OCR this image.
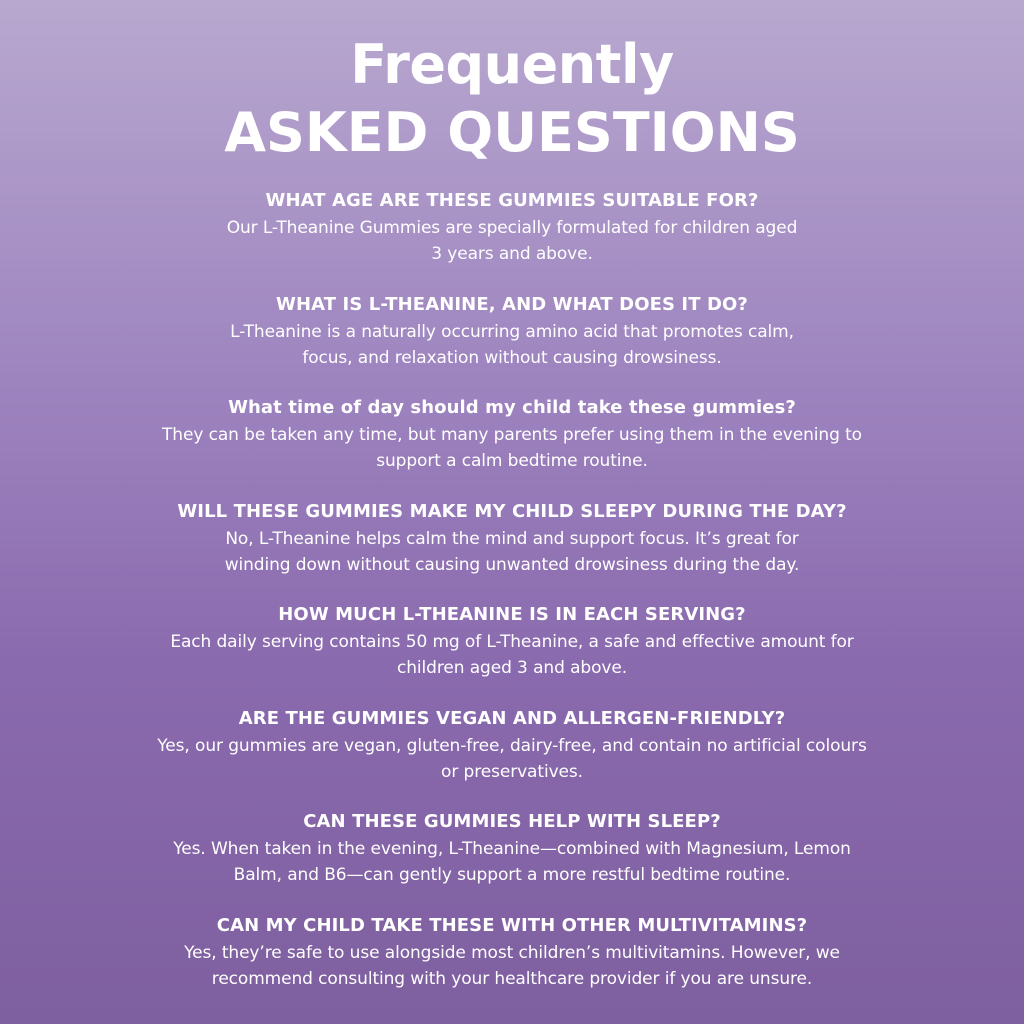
Frequently
ASKED QUESTIONS

WHAT AGE ARE THESE GUMMIES SUITABLE FOR?

Our L-Theanine Gummies are specially formulated for children aged

3 years and above.

WHAT IS L-THEANINE, AND WHAT DOES IT DO?

L-Theanine is a naturally occurring amino acid that promotes calm,

focus, and relaxation without causing drowsiness.

What time of day should my child take these gummies?

They can be taken any time, but many parents prefer using them in the evening to

support a calm bedtime routine.

WILL THESE GUMMIES MAKE MY CHILD SLEEPY DURING THE DAY?

No, L-Theanine helps calm the mind and support focus. It’s great for

winding down without causing unwanted drowsiness during the day.

HOW MUCH L-THEANINE IS IN EACH SERVING?

Each daily serving contains 50 mg of L-Theanine, a safe and effective amount for

children aged 3 and above.

ARE THE GUMMIES VEGAN AND ALLERGEN-FRIENDLY?

Yes, our gummies are vegan, gluten-free, dairy-free, and contain no artificial colours

or preservatives.

CAN THESE GUMMIES HELP WITH SLEEP?

Yes. When taken in the evening, L-Theanine—combined with Magnesium, Lemon

Balm, and B6—can gently support a more restful bedtime routine.

CAN MY CHILD TAKE THESE WITH OTHER MULTIVITAMINS?

Yes, they’re safe to use alongside most children’s multivitamins. However, we

recommend consulting with your healthcare provider if you are unsure.
